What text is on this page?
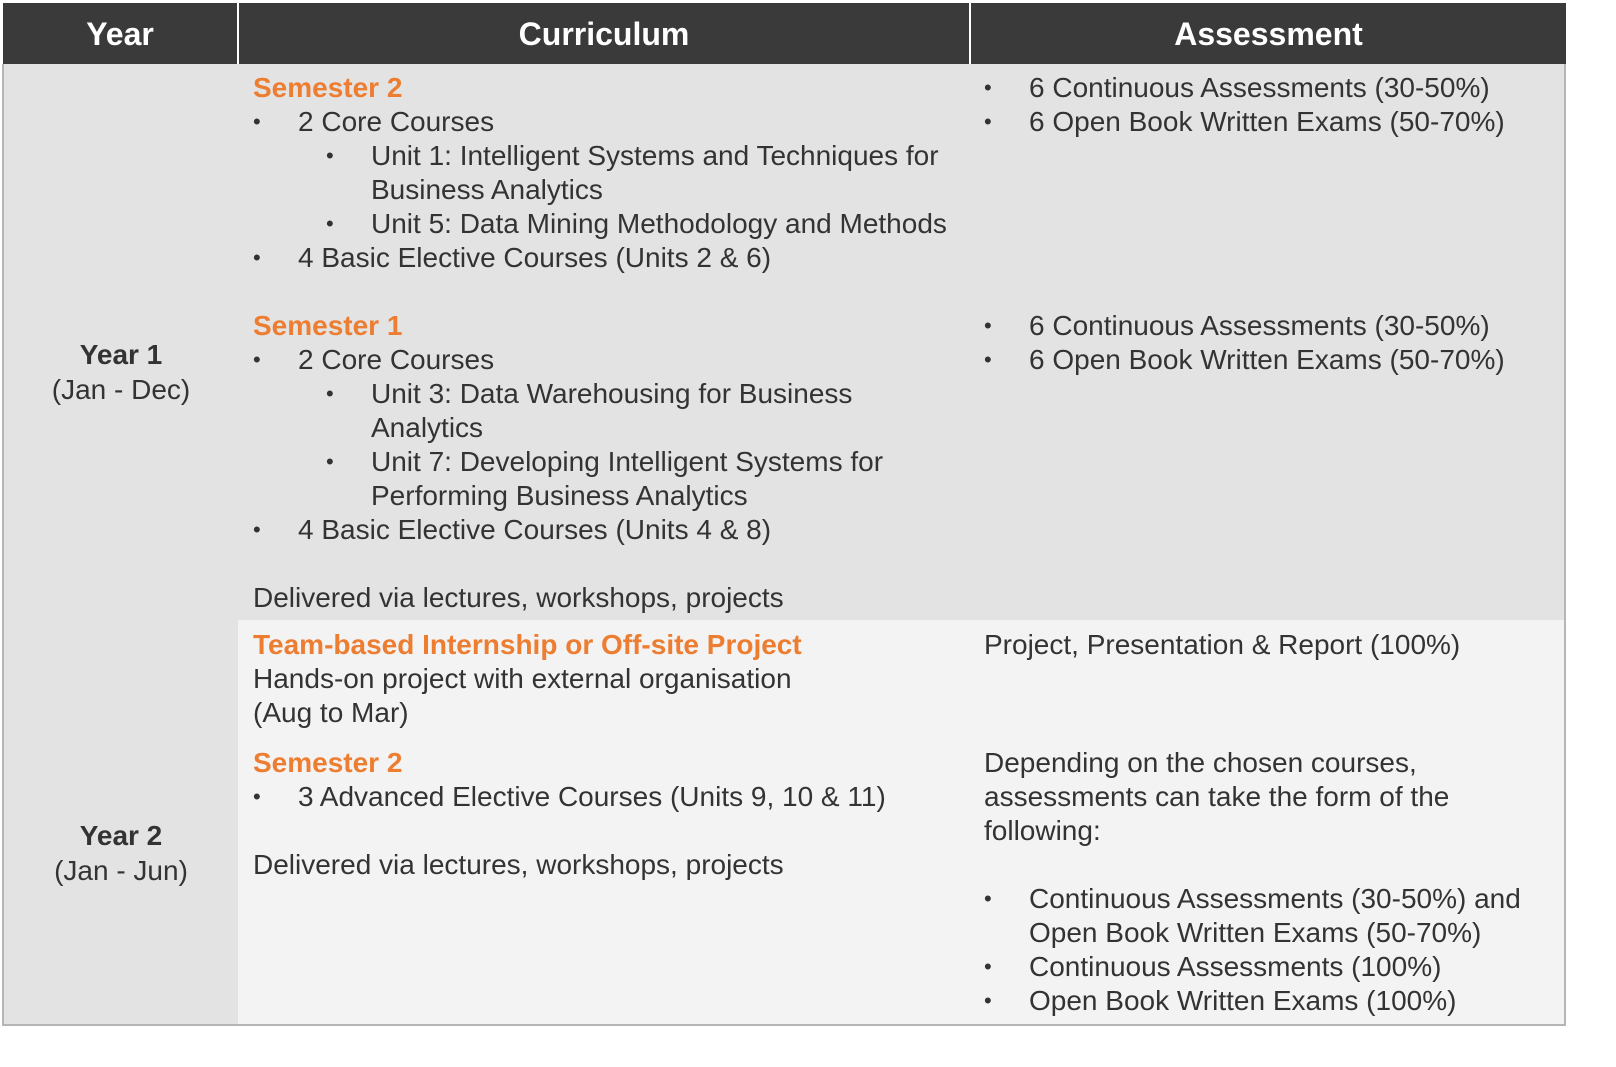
Year	Curriculum	Assessment
Year 1
(Jan - Dec)
Year 2
(Jan - Jun)
Semester 2
• 2 Core Courses
• Unit 1: Intelligent Systems and Techniques for
Business Analytics
• Unit 5: Data Mining Methodology and Methods
• 4 Basic Elective Courses (Units 2 & 6)
Semester 1
• 2 Core Courses
• Unit 3: Data Warehousing for Business
Analytics
• Unit 7: Developing Intelligent Systems for
Performing Business Analytics
• 4 Basic Elective Courses (Units 4 & 8)
Delivered via lectures, workshops, projects
• 6 Continuous Assessments (30-50%)
• 6 Open Book Written Exams (50-70%)
• 6 Continuous Assessments (30-50%)
• 6 Open Book Written Exams (50-70%)
Team-based Internship or Off-site Project
Hands-on project with external organisation
(Aug to Mar)
Project, Presentation & Report (100%)
Semester 2
• 3 Advanced Elective Courses (Units 9, 10 & 11)
Delivered via lectures, workshops, projects
Depending on the chosen courses,
assessments can take the form of the
following:
• Continuous Assessments (30-50%) and
Open Book Written Exams (50-70%)
• Continuous Assessments (100%)
• Open Book Written Exams (100%)
